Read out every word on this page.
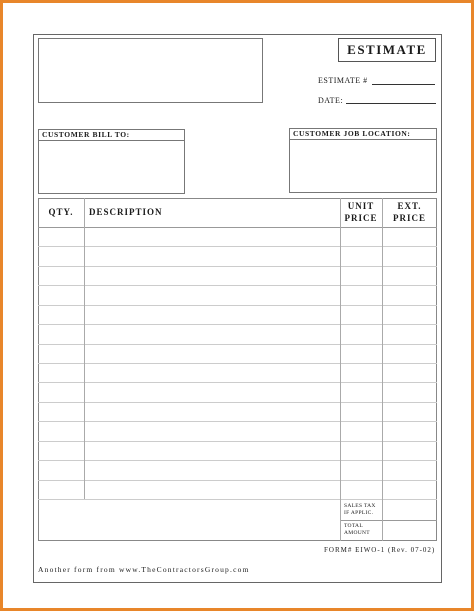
ESTIMATE
ESTIMATE #
DATE:
CUSTOMER BILL TO:	CUSTOMER JOB LOCATION:
QTY.	DESCRIPTION
UNIT
PRICE
EXT.
PRICE
SALES TAX
IF APPLIC.
TOTAL
AMOUNT
FORM# EIWO-1 (Rev. 07-02)
Another form from www.TheContractorsGroup.com
